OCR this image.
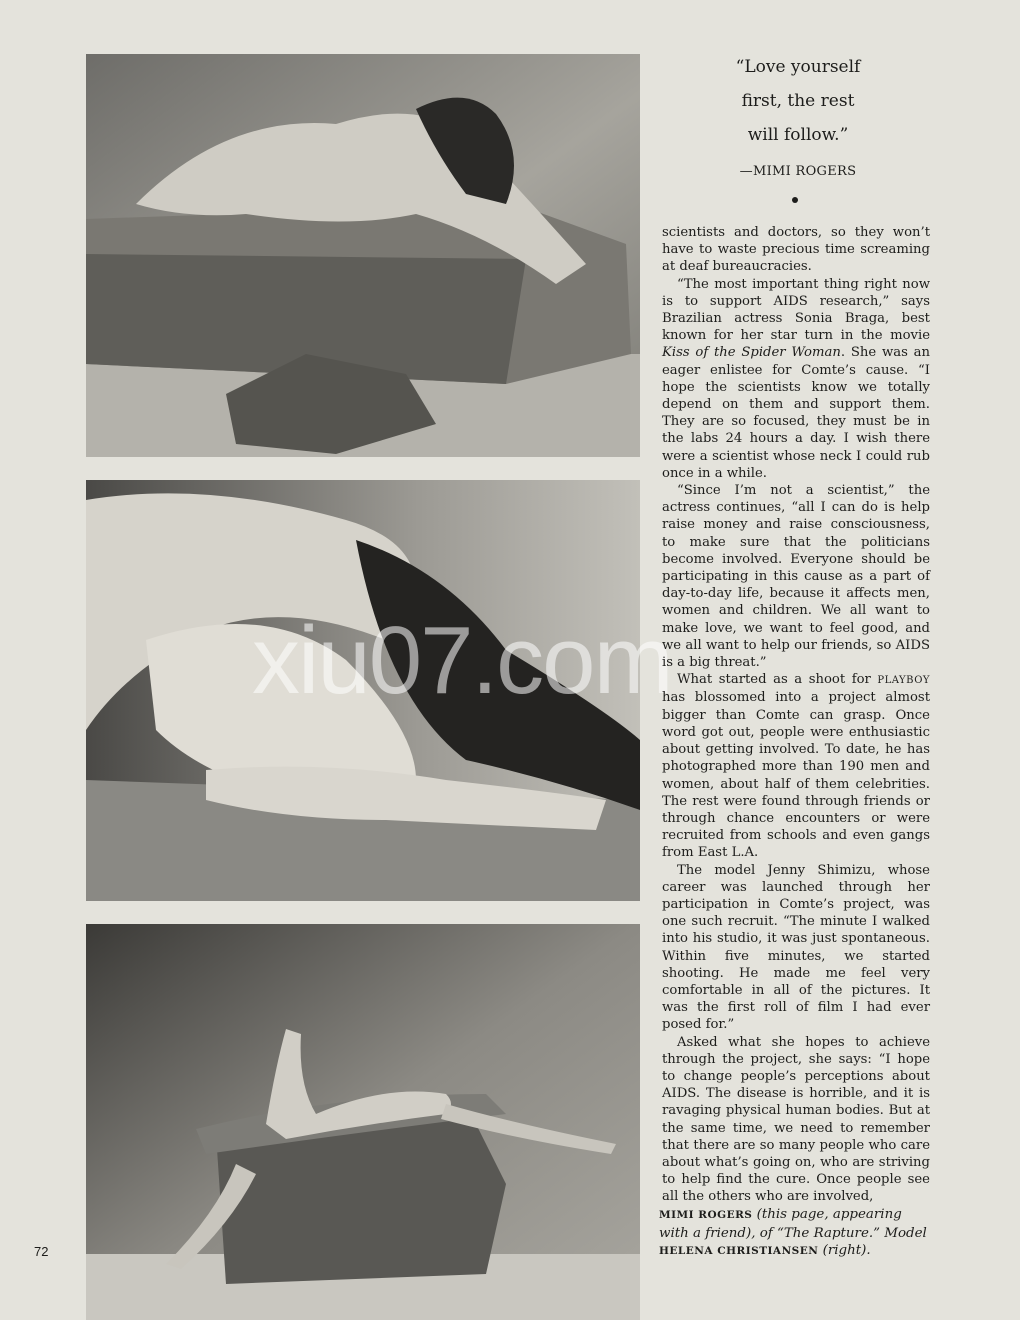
xiu07.com
“Love yourself
first, the rest
will follow.”
—MIMI ROGERS

scientists and doctors, so they won’t have to waste precious time screaming at deaf bureaucracies.

“The most important thing right now is to support AIDS research,” says Brazilian actress Sonia Braga, best known for her star turn in the movie Kiss of the Spider Woman. She was an eager enlistee for Comte’s cause. “I hope the scientists know we totally depend on them and support them. They are so focused, they must be in the labs 24 hours a day. I wish there were a scientist whose neck I could rub once in a while.

“Since I’m not a scientist,” the actress continues, “all I can do is help raise money and raise consciousness, to make sure that the politicians become involved. Everyone should be participating in this cause as a part of day-to-day life, because it affects men, women and children. We all want to make love, we want to feel good, and we all want to help our friends, so AIDS is a big threat.”

What started as a shoot for PLAYBOY has blossomed into a project almost bigger than Comte can grasp. Once word got out, people were enthusiastic about getting involved. To date, he has photographed more than 190 men and women, about half of them celebrities. The rest were found through friends or through chance encounters or were recruited from schools and even gangs from East L.A.

The model Jenny Shimizu, whose career was launched through her participation in Comte’s project, was one such recruit. “The minute I walked into his studio, it was just spontaneous. Within five minutes, we started shooting. He made me feel very comfortable in all of the pictures. It was the first roll of film I had ever posed for.”

Asked what she hopes to achieve through the project, she says: “I hope to change people’s perceptions about AIDS. The disease is horrible, and it is ravaging physical human bodies. But at the same time, we need to remember that there are so many people who care about what’s going on, who are striving to help find the cure. Once people see all the others who are involved,

MIMI ROGERS (this page, appearing with a friend), of “The Rapture.” Model HELENA CHRISTIANSEN (right).
72
